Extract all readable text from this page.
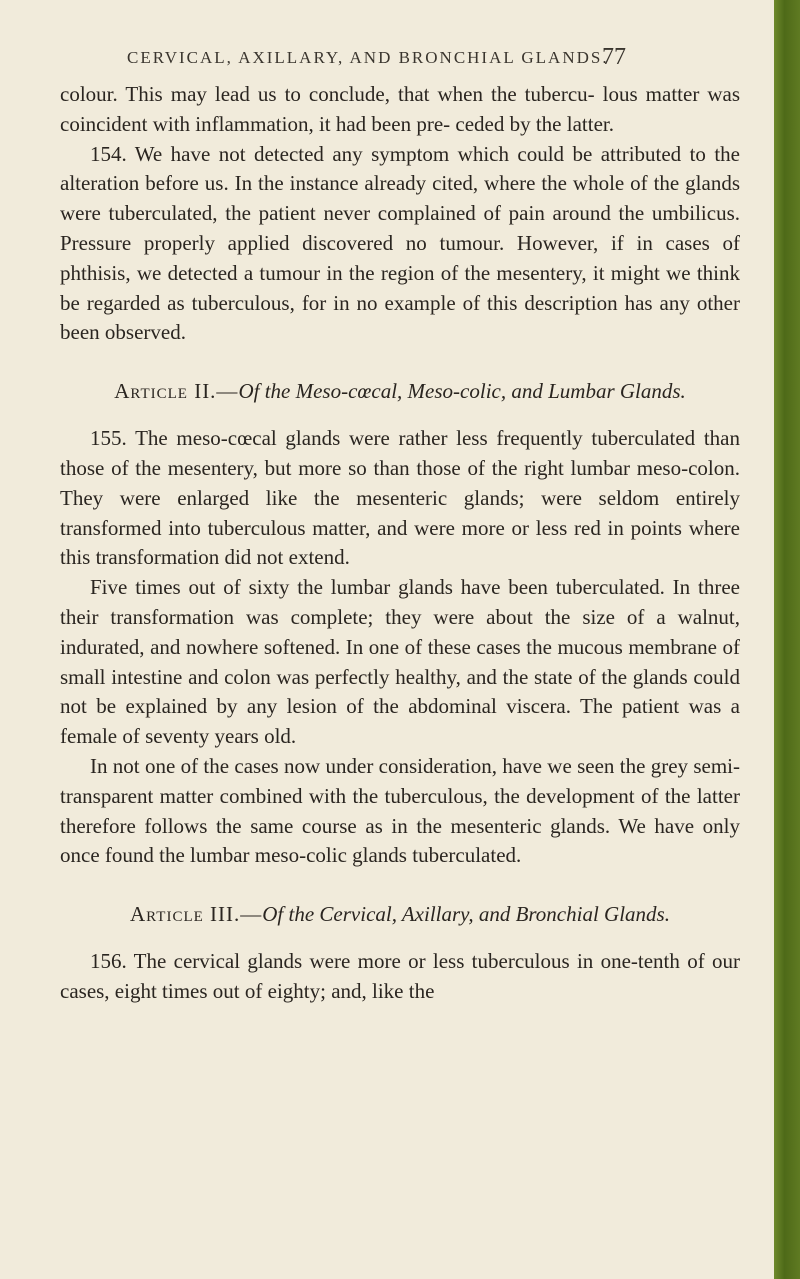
CERVICAL, AXILLARY, AND BRONCHIAL GLANDS.
77

colour. This may lead us to conclude, that when the tubercu- lous matter was coincident with inflammation, it had been pre- ceded by the latter.

154. We have not detected any symptom which could be attributed to the alteration before us. In the instance already cited, where the whole of the glands were tuberculated, the patient never complained of pain around the umbilicus. Pressure properly applied discovered no tumour. However, if in cases of phthisis, we detected a tumour in the region of the mesentery, it might we think be regarded as tuberculous, for in no example of this description has any other been observed.

Article II.—Of the Meso-cœcal, Meso-colic, and Lumbar Glands.

155. The meso-cœcal glands were rather less frequently tuberculated than those of the mesentery, but more so than those of the right lumbar meso-colon. They were enlarged like the mesenteric glands; were seldom entirely transformed into tuberculous matter, and were more or less red in points where this transformation did not extend.

Five times out of sixty the lumbar glands have been tuberculated. In three their transformation was complete; they were about the size of a walnut, indurated, and nowhere softened. In one of these cases the mucous membrane of small intestine and colon was perfectly healthy, and the state of the glands could not be explained by any lesion of the abdominal viscera. The patient was a female of seventy years old.

In not one of the cases now under consideration, have we seen the grey semi-transparent matter combined with the tuberculous, the development of the latter therefore follows the same course as in the mesenteric glands. We have only once found the lumbar meso-colic glands tuberculated.

Article III.—Of the Cervical, Axillary, and Bronchial Glands.

156. The cervical glands were more or less tuberculous in one-tenth of our cases, eight times out of eighty; and, like the
